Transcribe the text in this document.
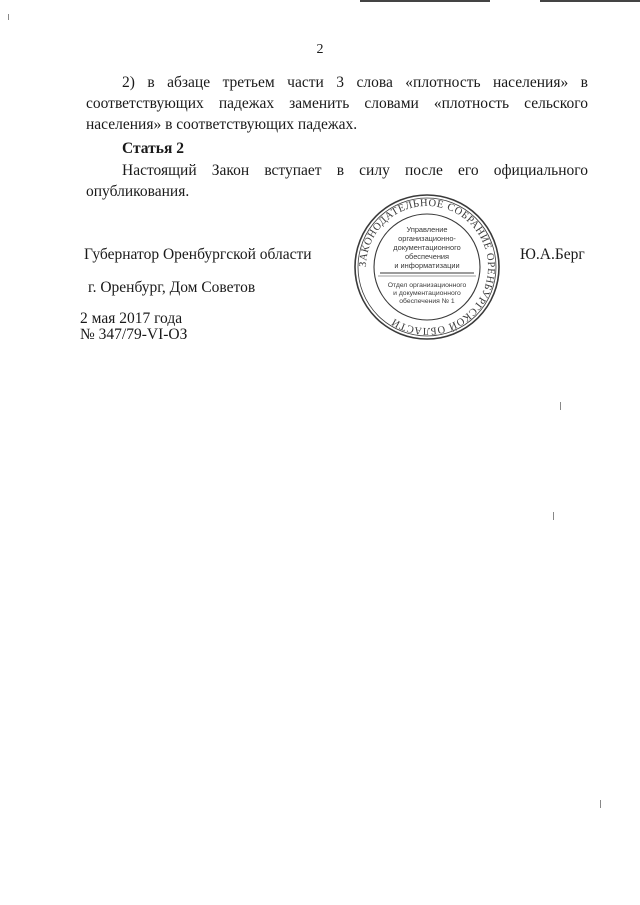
2
2) в абзаце третьем части 3 слова «плотность населения» в соответствующих падежах заменить словами «плотность сельского населения» в соответствующих падежах.
Статья 2
Настоящий Закон вступает в силу после его официального опубликования.
Губернатор Оренбургской области	Ю.А.Берг
г. Оренбург, Дом Советов
2 мая 2017 года
№ 347/79-VI-ОЗ
ЗАКОНОДАТЕЛЬНОЕ СОБРАНИЕ ОРЕНБУРГСКОЙ ОБЛАСТИ
Управление
организационно-
документационного
обеспечения
и информатизации
Отдел организационного
и документационного
обеспечения № 1
